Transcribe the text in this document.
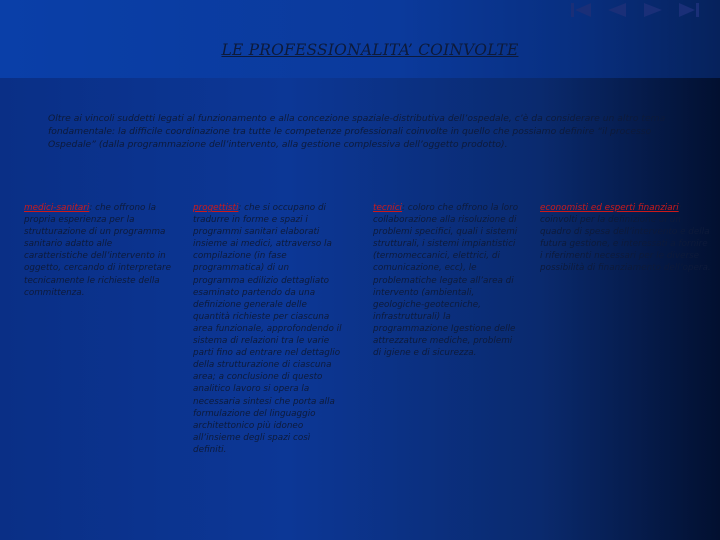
LE PROFESSIONALITA’ COINVOLTE
Oltre ai vincoli suddetti legati al funzionamento e alla concezione spaziale-distributiva dell’ospedale, c’è da considerare un altro tema fondamentale: la difficile coordinazione tra tutte le competenze professionali coinvolte in quello che possiamo definire “il processo Ospedale” (dalla programmazione dell’intervento, alla gestione complessiva dell’oggetto prodotto).
medici-sanitari: che offrono la propria esperienza per la strutturazione di un programma sanitario adatto alle caratteristiche dell’intervento in oggetto, cercando di interpretare tecnicamente le richieste della committenza.
progettisti: che si occupano di tradurre in forme e spazi i programmi sanitari elaborati insieme ai medici, attraverso la compilazione (in fase programmatica) di un programma edilizio dettagliato esaminato partendo da una definizione generale delle quantità richieste per ciascuna area funzionale, approfondendo il sistema di relazioni tra le varie parti fino ad entrare nel dettaglio della strutturazione di ciascuna area; a conclusione di questo analitico lavoro si opera la necessaria sintesi che porta alla formulazione del linguaggio architettonico più idoneo all’insieme degli spazi così definiti.
tecnici: coloro che offrono la loro collaborazione alla risoluzione di problemi specifici, quali i sistemi strutturali, i sistemi impiantistici (termomeccanici, elettrici, di comunicazione, ecc), le problematiche legate all’area di intervento (ambientali, geologiche-geotecniche, infrastrutturali) la programmazione Igestione delle attrezzature mediche, problemi di igiene e di sicurezza.
economisti ed esperti finanziari: coinvolti per la definizione di un quadro di spesa dell’intervento e della futura gestione, e interessati a fornire i riferimenti necessari per le diverse possibilità di finanziamento dell’opera.
